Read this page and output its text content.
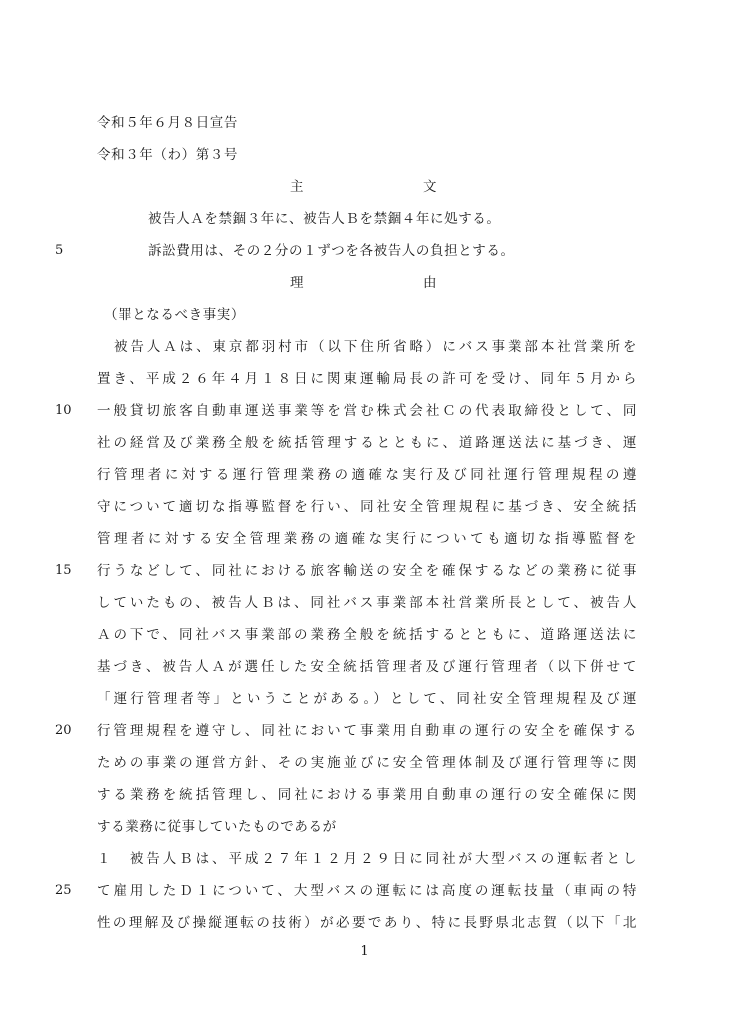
令和５年６月８日宣告
令和３年（わ）第３号
主	文
被告人Ａを禁錮３年に、被告人Ｂを禁錮４年に処する。
5	訴訟費用は、その２分の１ずつを各被告人の負担とする。
理	由
（罪となるべき事実）
被告人Ａは、東京都羽村市（以下住所省略）にバス事業部本社営業所を
置き、平成２６年４月１８日に関東運輸局長の許可を受け、同年５月から
10	一般貸切旅客自動車運送事業等を営む株式会社Ｃの代表取締役として、同
社の経営及び業務全般を統括管理するとともに、道路運送法に基づき、運
行管理者に対する運行管理業務の適確な実行及び同社運行管理規程の遵
守について適切な指導監督を行い、同社安全管理規程に基づき、安全統括
管理者に対する安全管理業務の適確な実行についても適切な指導監督を
15	行うなどして、同社における旅客輸送の安全を確保するなどの業務に従事
していたもの、被告人Ｂは、同社バス事業部本社営業所長として、被告人
Ａの下で、同社バス事業部の業務全般を統括するとともに、道路運送法に
基づき、被告人Ａが選任した安全統括管理者及び運行管理者（以下併せて
「運行管理者等」ということがある。）として、同社安全管理規程及び運
20	行管理規程を遵守し、同社において事業用自動車の運行の安全を確保する
ための事業の運営方針、その実施並びに安全管理体制及び運行管理等に関
する業務を統括管理し、同社における事業用自動車の運行の安全確保に関
する業務に従事していたものであるが
１　被告人Ｂは、平成２７年１２月２９日に同社が大型バスの運転者とし
25	て雇用したＤ１について、大型バスの運転には高度の運転技量（車両の特
性の理解及び操縦運転の技術）が必要であり、特に長野県北志賀（以下「北
1
